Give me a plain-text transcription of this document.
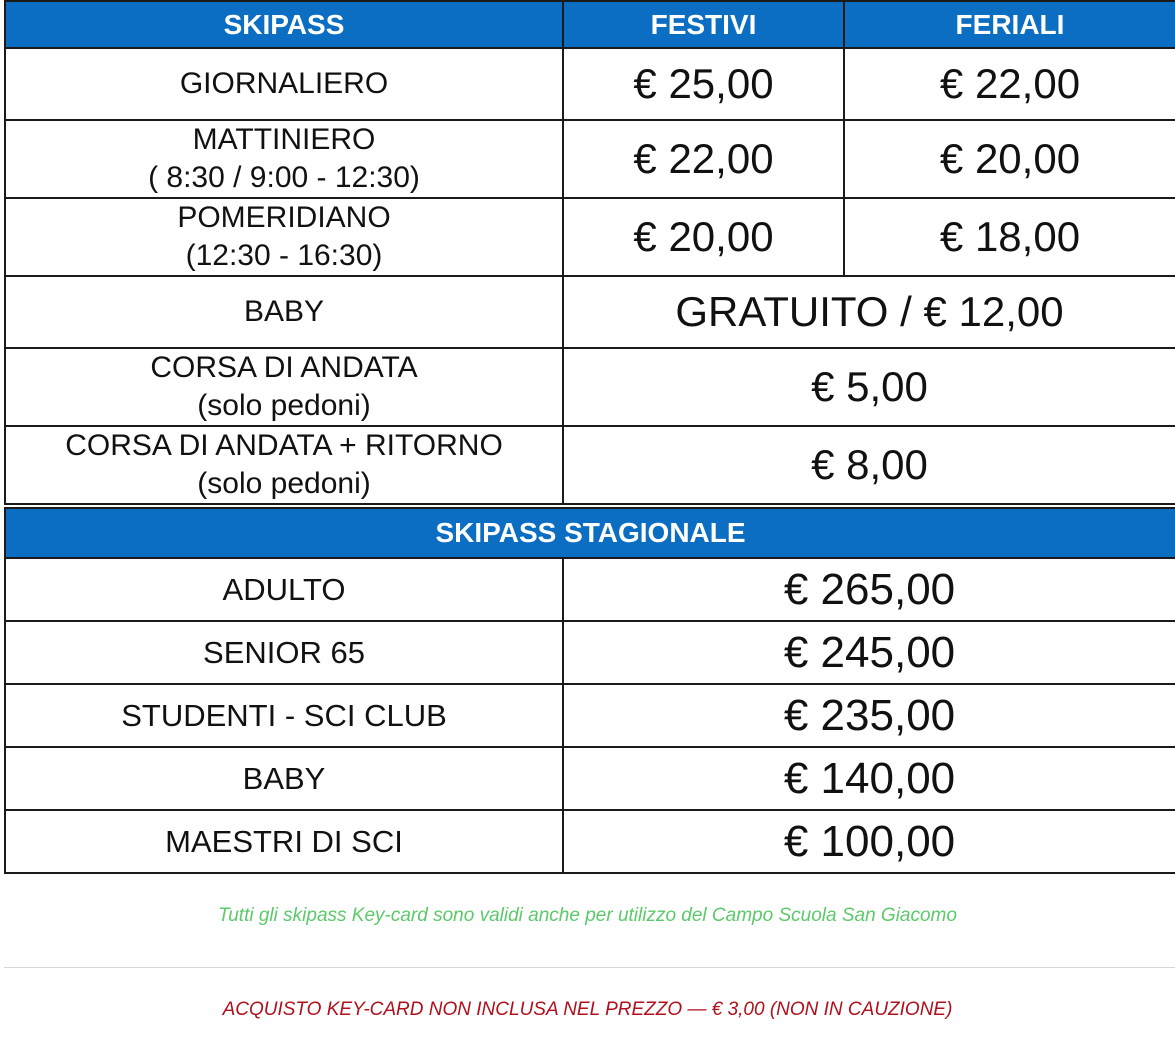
SKIPASS	FESTIVI	FERIALI

GIORNALIERO	€ 25,00	€ 22,00

MATTINIERO
( 8:30 / 9:00 - 12:30)	€ 22,00	€ 20,00

POMERIDIANO
(12:30 - 16:30)	€ 20,00	€ 18,00

BABY	GRATUITO / € 12,00	

CORSA DI ANDATA
(solo pedoni)	€ 5,00	

CORSA DI ANDATA + RITORNO
(solo pedoni)	€ 8,00	
SKIPASS STAGIONALE	
ADULTO	€ 265,00
SENIOR 65	€ 245,00
STUDENTI - SCI CLUB	€ 235,00
BABY	€ 140,00
MAESTRI DI SCI	€ 100,00
Tutti gli skipass Key-card sono validi anche per utilizzo del Campo Scuola San Giacomo
ACQUISTO KEY-CARD NON INCLUSA NEL PREZZO — € 3,00 (NON IN CAUZIONE)
